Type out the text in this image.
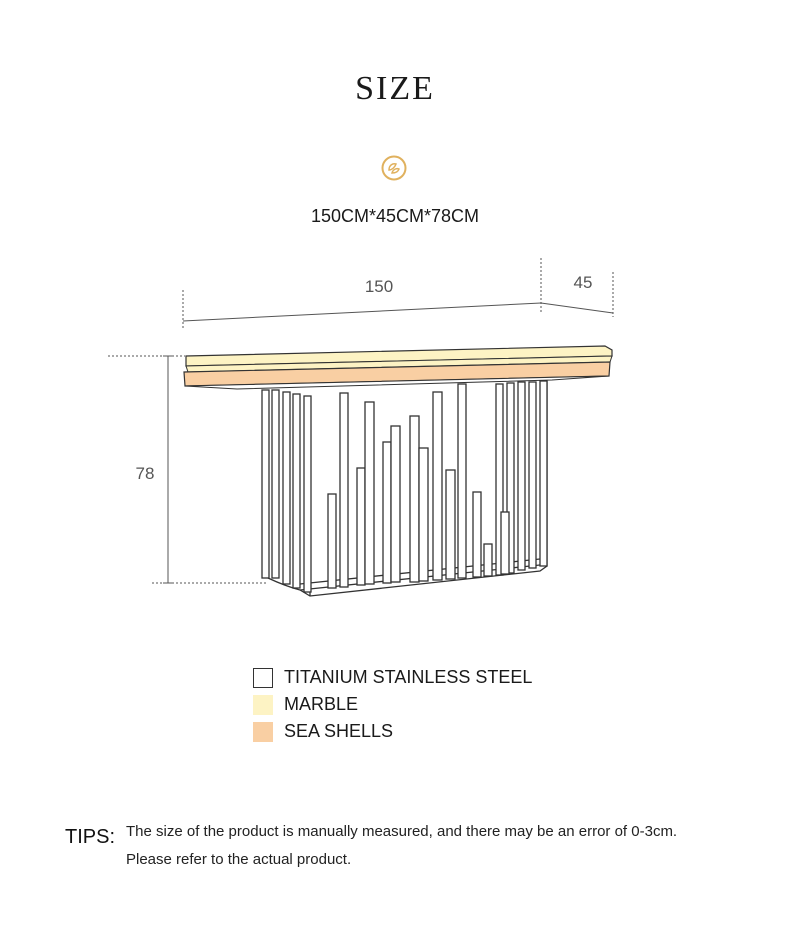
SIZE
150CM*45CM*78CM
150	45
78
TITANIUM STAINLESS STEEL
MARBLE
SEA SHELLS
TIPS: The size of the product is manually measured, and there may be an error of 0-3cm.
Please refer to the actual product.
